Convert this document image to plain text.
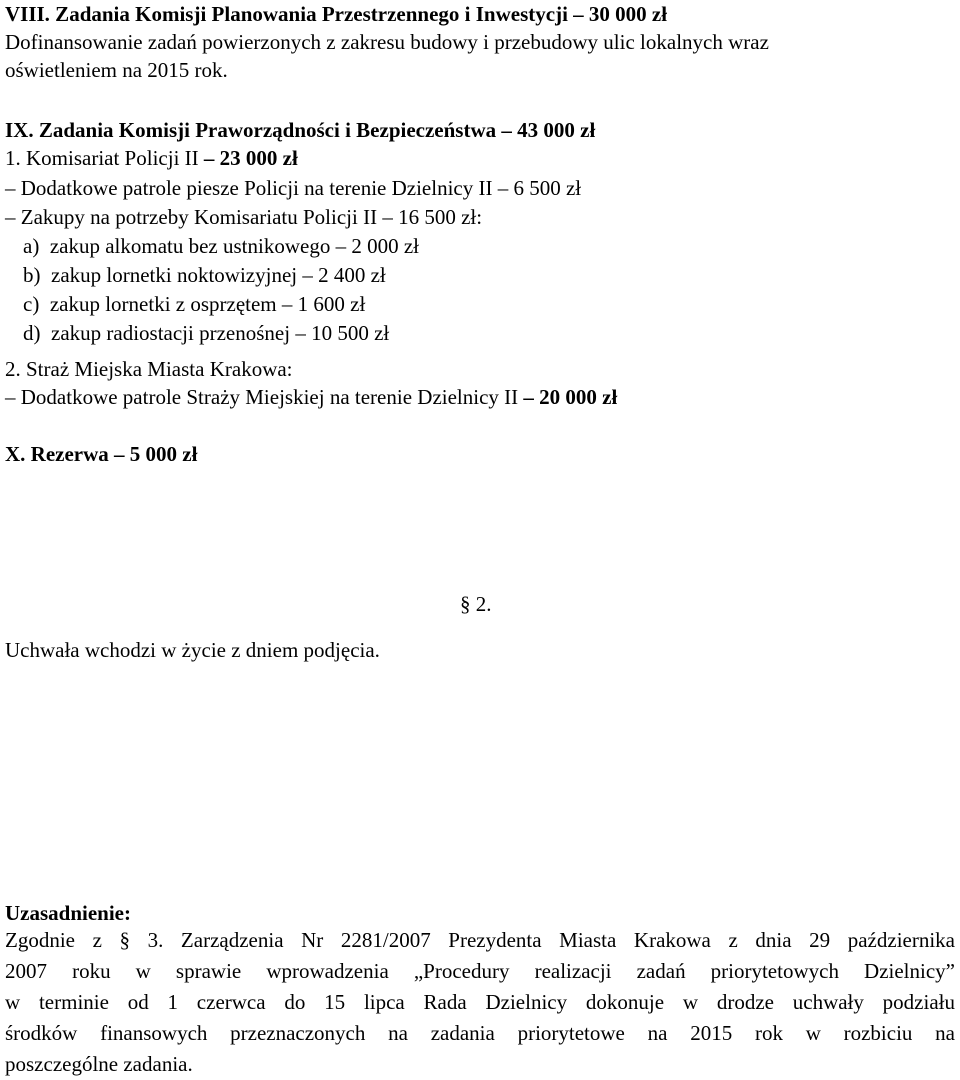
VIII. Zadania Komisji Planowania Przestrzennego i Inwestycji – 30 000 zł
Dofinansowanie zadań powierzonych z zakresu budowy i przebudowy ulic lokalnych wraz
oświetleniem na 2015 rok.
IX. Zadania Komisji Praworządności i Bezpieczeństwa – 43 000 zł
1. Komisariat Policji II – 23 000 zł
– Dodatkowe patrole piesze Policji na terenie Dzielnicy II – 6 500 zł
– Zakupy na potrzeby Komisariatu Policji II – 16 500 zł:
a)  zakup alkomatu bez ustnikowego – 2 000 zł
b)  zakup lornetki noktowizyjnej – 2 400 zł
c)  zakup lornetki z osprzętem – 1 600 zł
d)  zakup radiostacji przenośnej – 10 500 zł
2. Straż Miejska Miasta Krakowa:
– Dodatkowe patrole Straży Miejskiej na terenie Dzielnicy II – 20 000 zł
X. Rezerwa – 5 000 zł
§ 2.
Uchwała wchodzi w życie z dniem podjęcia.
Uzasadnienie:
Zgodnie z § 3. Zarządzenia Nr 2281/2007 Prezydenta Miasta Krakowa z dnia 29 października
2007 roku w sprawie wprowadzenia „Procedury realizacji zadań priorytetowych Dzielnicy”
w terminie od 1 czerwca do 15 lipca Rada Dzielnicy dokonuje w drodze uchwały podziału
środków finansowych przeznaczonych na zadania priorytetowe na 2015 rok w rozbiciu na
poszczególne zadania.
